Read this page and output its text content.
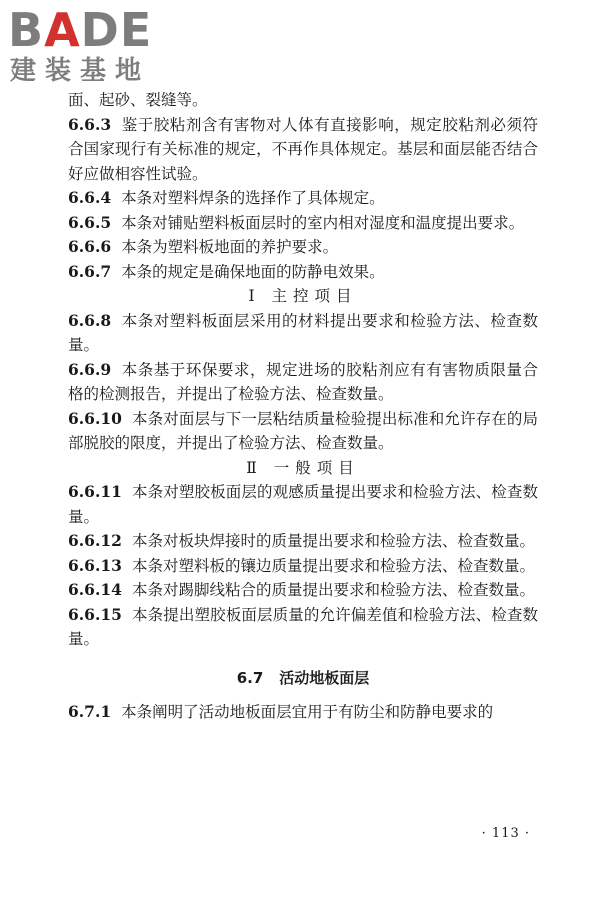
BADE
建装基地

面、起砂、裂缝等。

6.6.3 鉴于胶粘剂含有害物对人体有直接影响，规定胶粘剂必须符合国家现行有关标准的规定，不再作具体规定。基层和面层能否结合好应做相容性试验。

6.6.4 本条对塑料焊条的选择作了具体规定。

6.6.5 本条对铺贴塑料板面层时的室内相对湿度和温度提出要求。

6.6.6 本条为塑料板地面的养护要求。

6.6.7 本条的规定是确保地面的防静电效果。

Ⅰ 主控项目

6.6.8 本条对塑料板面层采用的材料提出要求和检验方法、检查数量。

6.6.9 本条基于环保要求，规定进场的胶粘剂应有有害物质限量合格的检测报告，并提出了检验方法、检查数量。

6.6.10 本条对面层与下一层粘结质量检验提出标准和允许存在的局部脱胶的限度，并提出了检验方法、检查数量。

Ⅱ 一般项目

6.6.11 本条对塑胶板面层的观感质量提出要求和检验方法、检查数量。

6.6.12 本条对板块焊接时的质量提出要求和检验方法、检查数量。

6.6.13 本条对塑料板的镶边质量提出要求和检验方法、检查数量。

6.6.14 本条对踢脚线粘合的质量提出要求和检验方法、检查数量。

6.6.15 本条提出塑胶板面层质量的允许偏差值和检验方法、检查数量。

6.7 活动地板面层

6.7.1 本条阐明了活动地板面层宜用于有防尘和防静电要求的

· 113 ·
